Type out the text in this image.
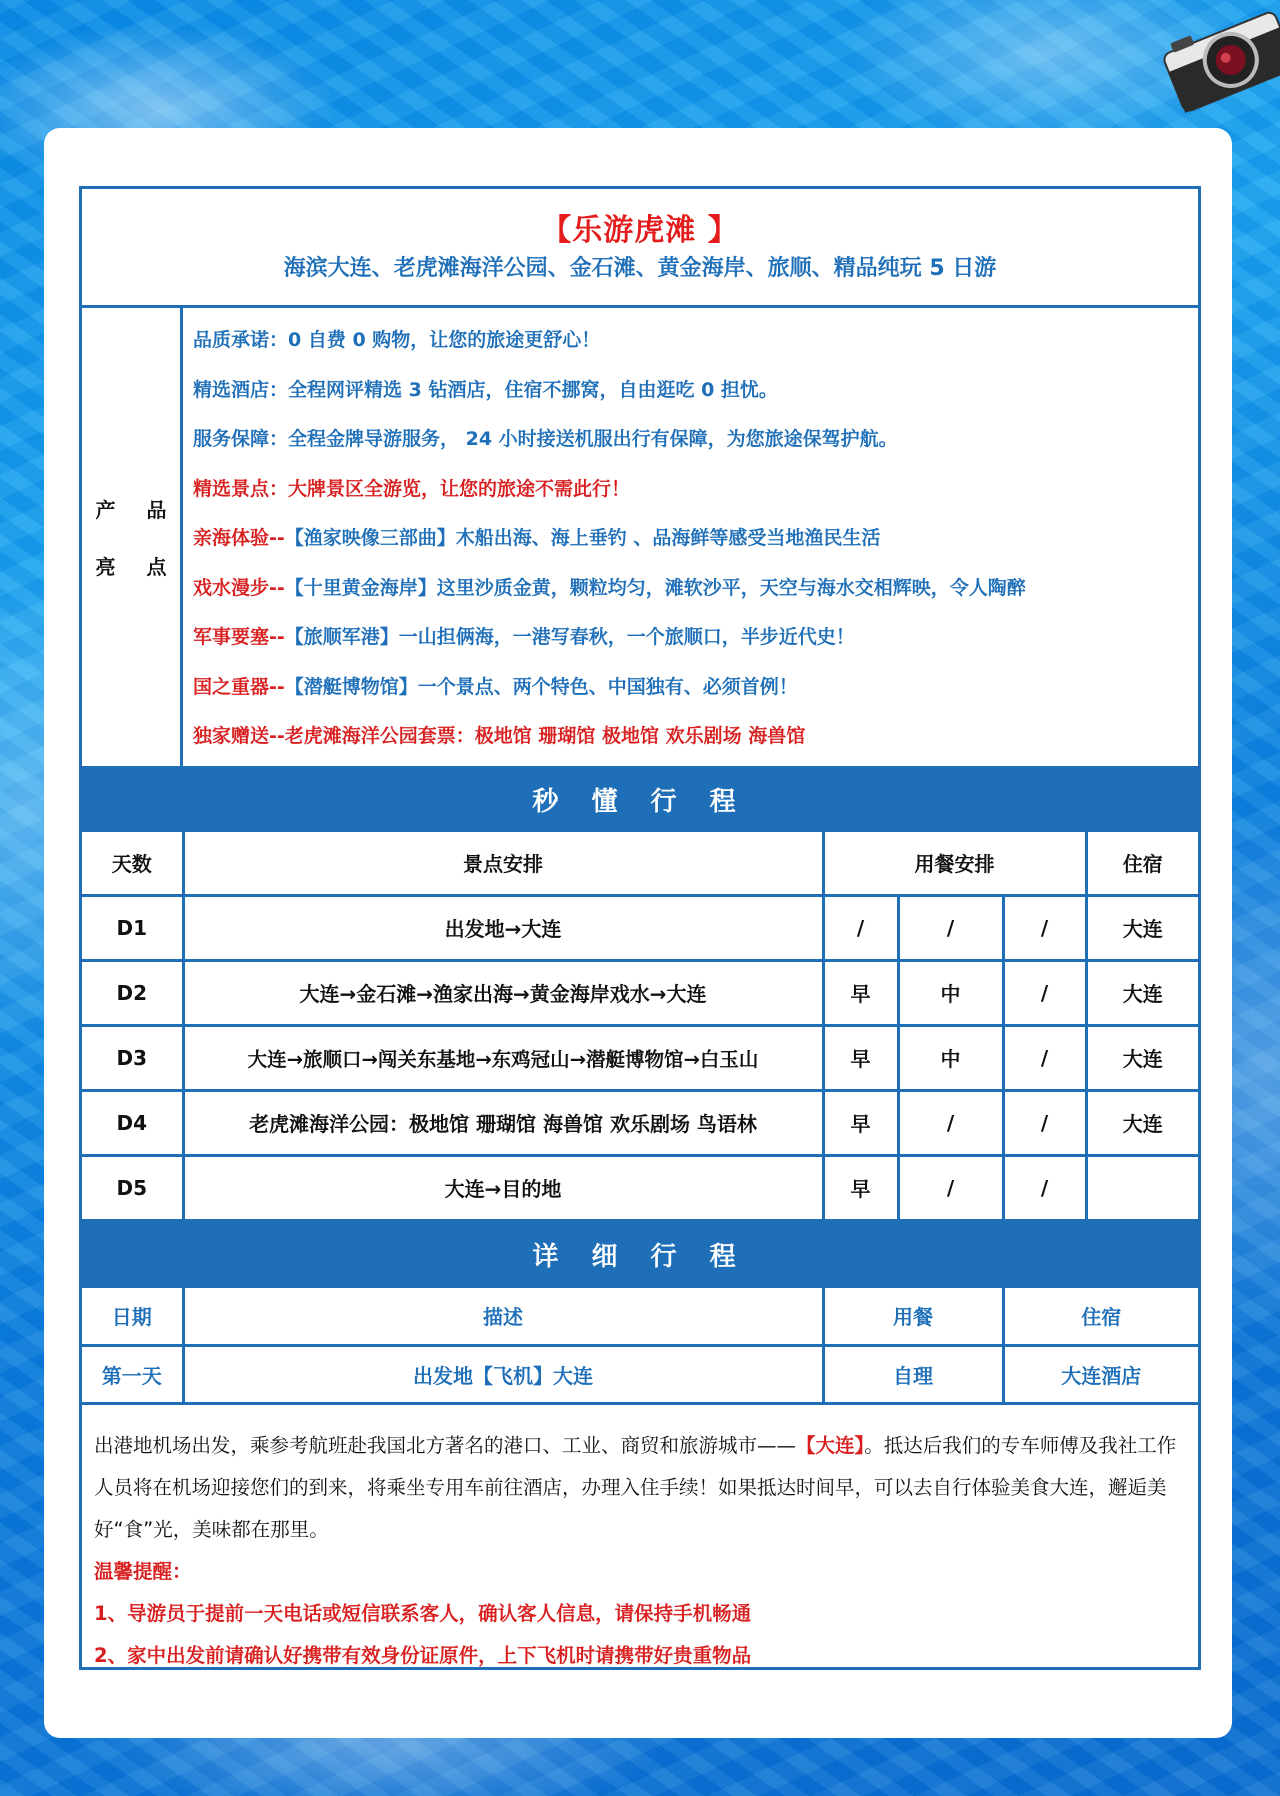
【乐游虎滩 】
海滨大连、老虎滩海洋公园、金石滩、黄金海岸、旅顺、精品纯玩 5 日游
产 品
亮 点
品质承诺：0 自费 0 购物，让您的旅途更舒心！
精选酒店：全程网评精选 3 钻酒店，住宿不挪窝，自由逛吃 0 担忧。
服务保障：全程金牌导游服务， 24 小时接送机服出行有保障，为您旅途保驾护航。
精选景点：大牌景区全游览，让您的旅途不需此行！
亲海体验--【渔家映像三部曲】木船出海、海上垂钓 、品海鲜等感受当地渔民生活
戏水漫步--【十里黄金海岸】这里沙质金黄，颗粒均匀，滩软沙平，天空与海水交相辉映，令人陶醉
军事要塞--【旅顺军港】一山担俩海，一港写春秋，一个旅顺口，半步近代史！
国之重器--【潜艇博物馆】一个景点、两个特色、中国独有、必须首例！
独家赠送--老虎滩海洋公园套票：极地馆 珊瑚馆 极地馆 欢乐剧场 海兽馆
秒 懂 行 程
天数	景点安排	用餐安排			住宿
D1	出发地→大连	/	/	/	大连
D2	大连→金石滩→渔家出海→黄金海岸戏水→大连	早	中	/	大连
D3	大连→旅顺口→闯关东基地→东鸡冠山→潜艇博物馆→白玉山	早	中	/	大连
D4	老虎滩海洋公园：极地馆 珊瑚馆 海兽馆 欢乐剧场 鸟语林	早	/	/	大连
D5	大连→目的地	早	/	/	
详 细 行 程
日期	描述	用餐	住宿
第一天	出发地【飞机】大连	自理	大连酒店
出港地机场出发，乘参考航班赴我国北方著名的港口、工业、商贸和旅游城市——【大连】。抵达后我们的专车师傅及我社工作人员将在机场迎接您们的到来，将乘坐专用车前往酒店，办理入住手续！如果抵达时间早，可以去自行体验美食大连，邂逅美好“食”光，美味都在那里。
温馨提醒：
1、导游员于提前一天电话或短信联系客人，确认客人信息，请保持手机畅通
2、家中出发前请确认好携带有效身份证原件，上下飞机时请携带好贵重物品
